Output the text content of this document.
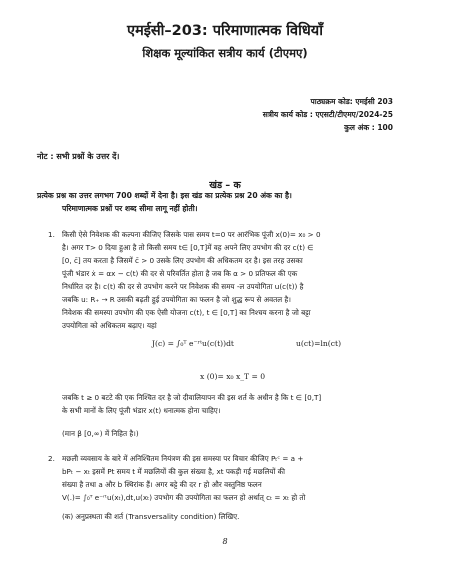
एमईसी–203: परिमाणात्मक विधियाँ
शिक्षक मूल्यांकित सत्रीय कार्य (टीएमए)
पाठ्यक्रम कोड: एमईसी 203
सत्रीय कार्य कोड : एएसटी/टीएमए/2024-25
कुल अंक : 100
नोट : सभी प्रश्नों के उत्तर दें।
खंड – क
प्रत्येक प्रश्न का उत्तर लगभग 700 शब्दों में देना है। इस खंड का प्रत्येक प्रश्न 20 अंक का है।
परिमाणात्मक प्रश्नों पर शब्द सीमा लागू नहीं होती।
1. किसी ऐसे निवेशक की कल्पना कीजिए जिसके पास समय t=0 पर आरंभिक पूंजी x(0)= x₀ > 0
है। अगर T> 0 दिया हुआ है तो किसी समय t∈ [0,T]में वह अपने लिए उपभोग की दर c(t) ∈
[0, c̄] तय करता है जिसमें c̄ > 0 उसके लिए उपभोग की अधिकतम दर है। इस तरह उसका
पूंजी भंडार ẋ = αx − c(t) की दर से परिवर्तित होता है जब कि α > 0 प्रतिफल की एक
निर्धारित दर है। c(t) की दर से उपभोग करने पर निवेशक की समय -ल उपयोगिता u(c(t)) है
जबकि u: R₊ → R उसकी बढ़ती हुई उपयोगिता का फलन है जो शुद्ध रूप से अवतल है।
निवेशक की समस्या उपभोग की एक ऐसी योजना c(t), t ∈ [0,T] का निश्चय करना है जो बट्टा
उपयोगिता को अधिकतम बढ़ाए। यहां
J(c) = ∫₀ᵀ e⁻ʳᵗu(c(t))dt	u(ct)=ln(ct)
x (0)= x₀ x_T = 0
जबकि t ≥ 0 बटटे की एक निश्चित दर है जो दीवालियापन की इस शर्त के अधीन है कि t ∈ [0,T]
के सभी मानों के लिए पूंजी भंडार x(t) धनात्मक होना चाहिए।
(मान β [0,∞) में निहित है।)
2. मछली व्यवसाय के बारे में अनिश्चितम नियंत्रण की इस समस्या पर विचार कीजिए Pₜᶜ = a +
bPₜ − xₜ इसमें Pt समय t में मछलियों की कुल संख्या है, xt पकड़ी गई मछलियों की
संख्या है तथा a और b स्थिरांक हैं। अगर बट्टे की दर r हो और वस्तुनिष्ठ फलन
V(.)= ∫₀ᵀ e⁻ʳᵗu(xₜ),dt,u(xₜ) उपभोग की उपयोगिता का फलन हो अर्थात् cₜ = xₜ हो तो
(क) अनुप्रस्थता की शर्त (Transversality condition) लिखिए.
8
